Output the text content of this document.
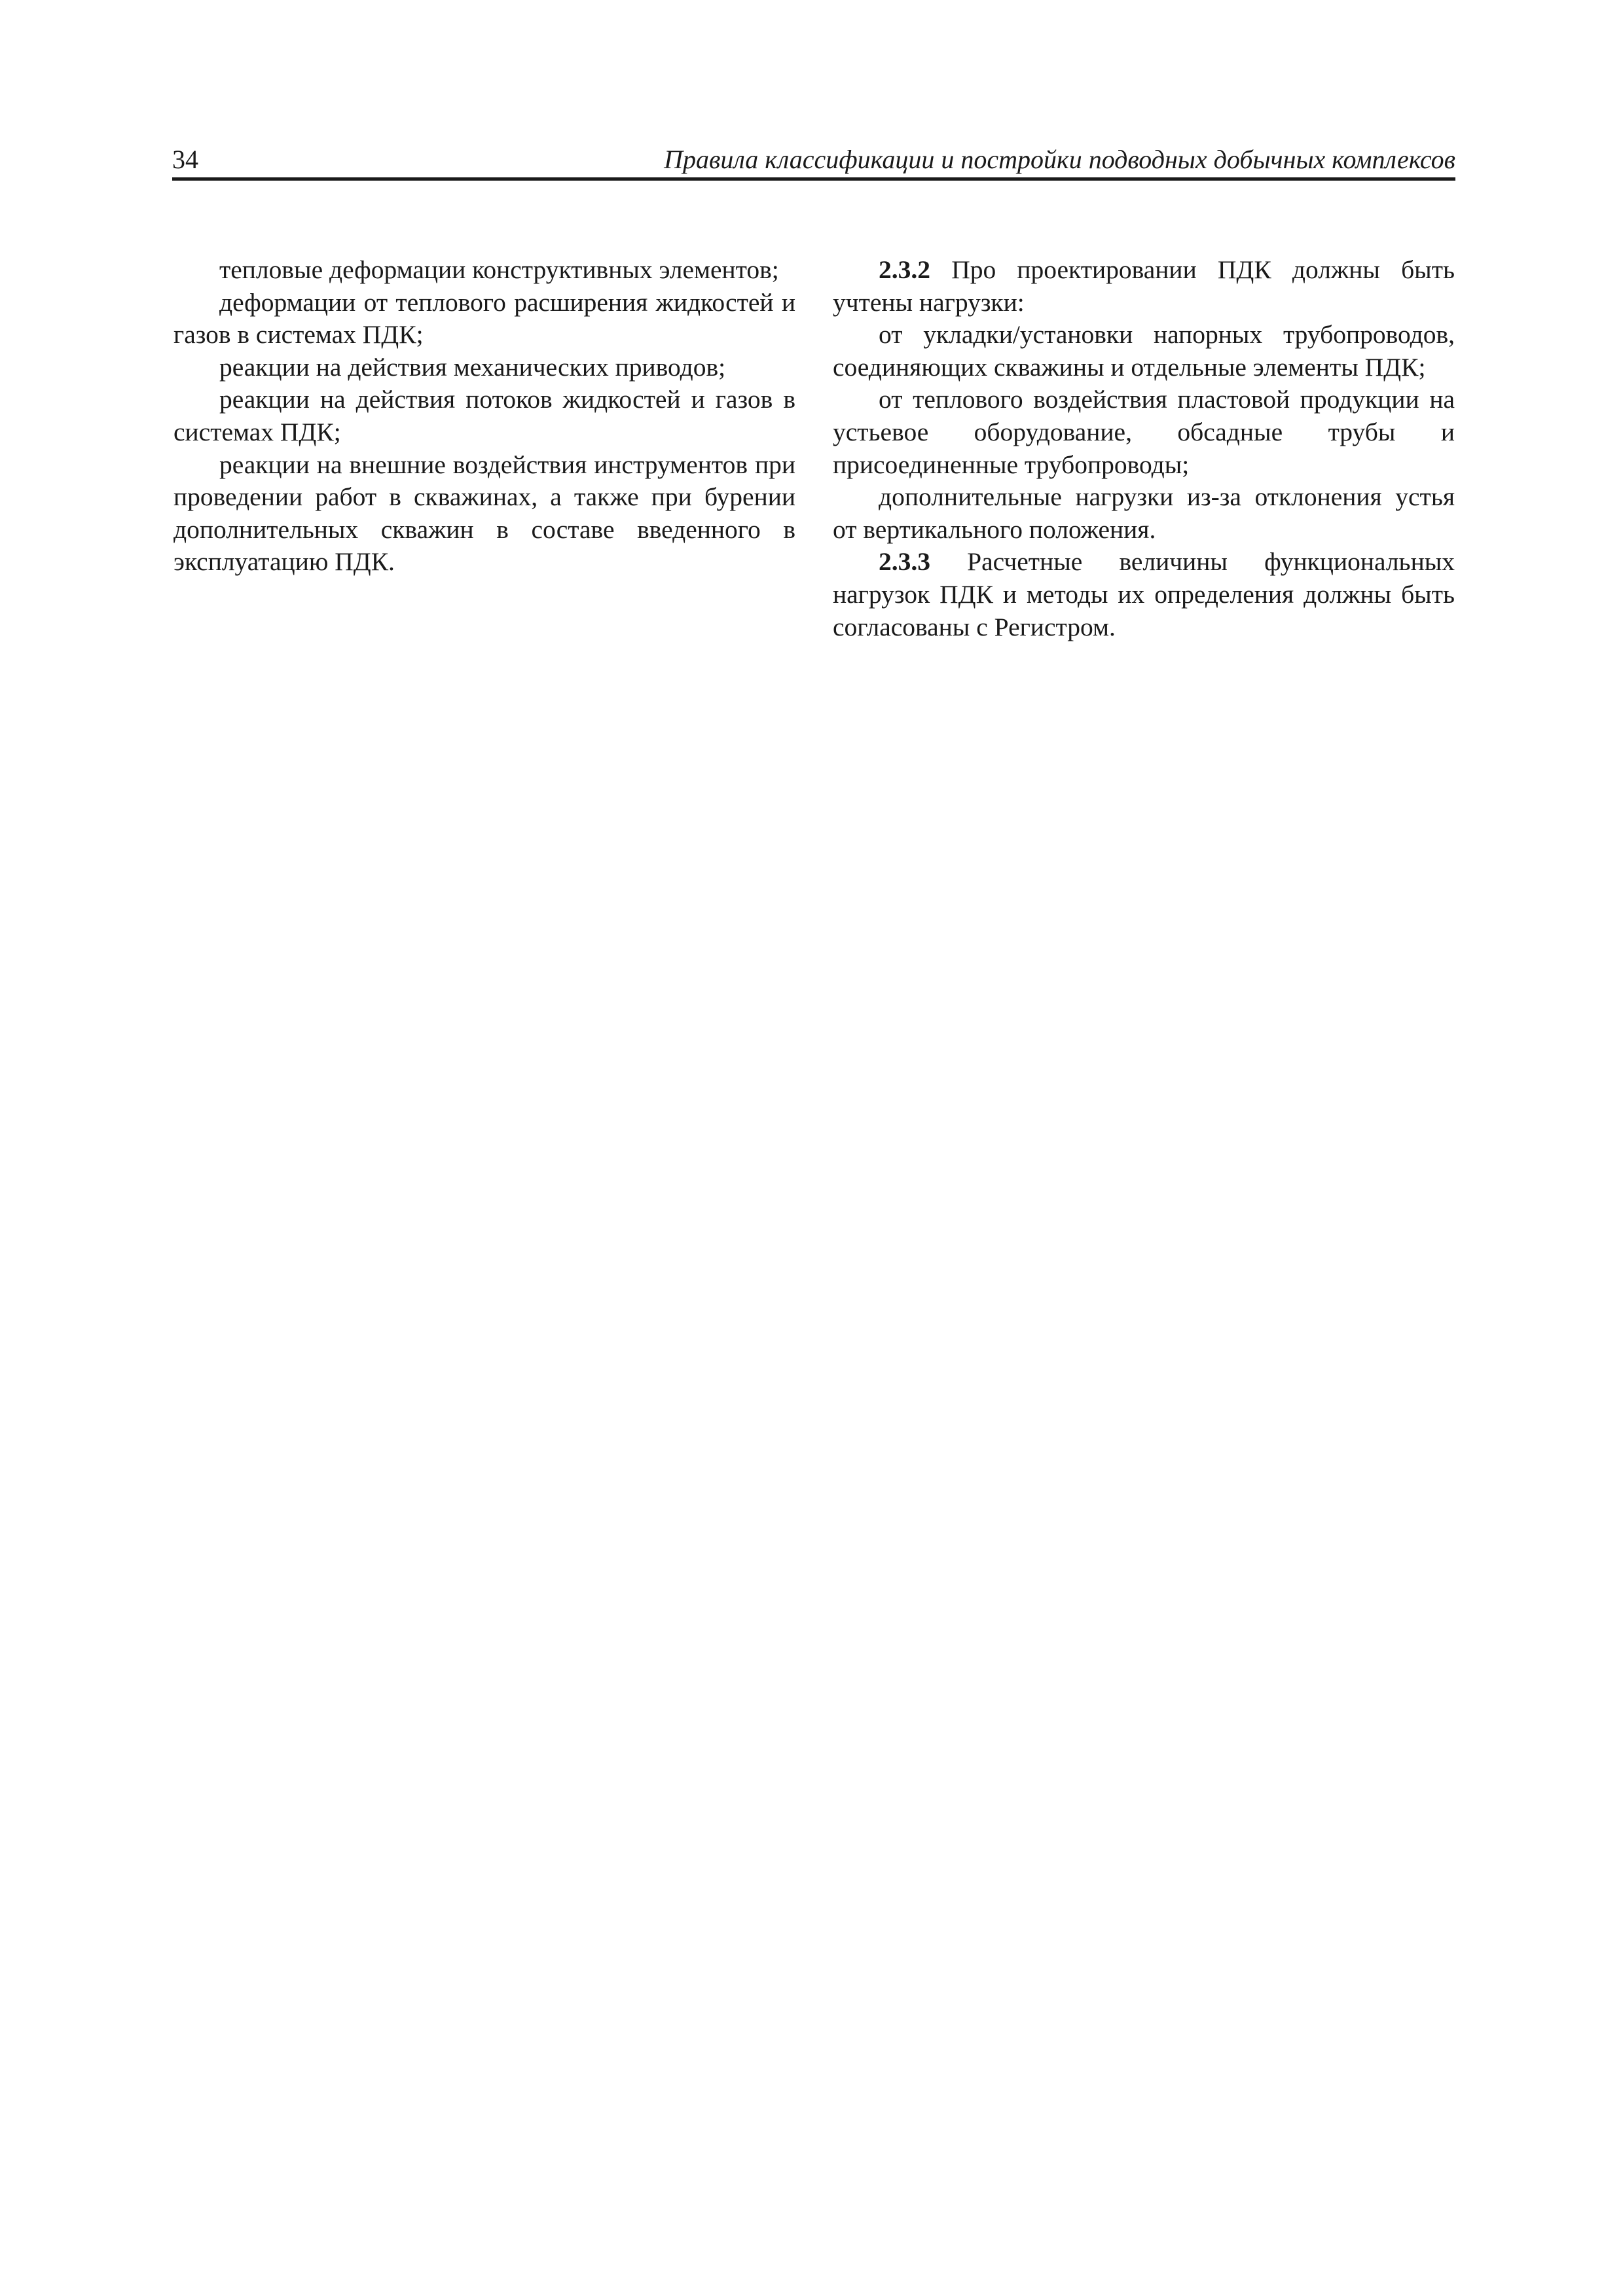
34	Правила классификации и постройки подводных добычных комплексов

тепловые деформации конструктивных элементов;

деформации от теплового расширения жидкостей и газов в системах ПДК;

реакции на действия механических приводов;

реакции на действия потоков жидкостей и газов в системах ПДК;

реакции на внешние воздействия инструментов при проведении работ в скважинах, а также при бурении дополнительных скважин в составе введенного в эксплуатацию ПДК.

2.3.2 Про проектировании ПДК должны быть учтены нагрузки:

от укладки/установки напорных трубопроводов, соединяющих скважины и отдельные элементы ПДК;

от теплового воздействия пластовой продукции на устьевое оборудование, обсадные трубы и присоединенные трубопроводы;

дополнительные нагрузки из-за отклонения устья от вертикального положения.

2.3.3 Расчетные величины функциональных нагрузок ПДК и методы их определения должны быть согласованы с Регистром.
